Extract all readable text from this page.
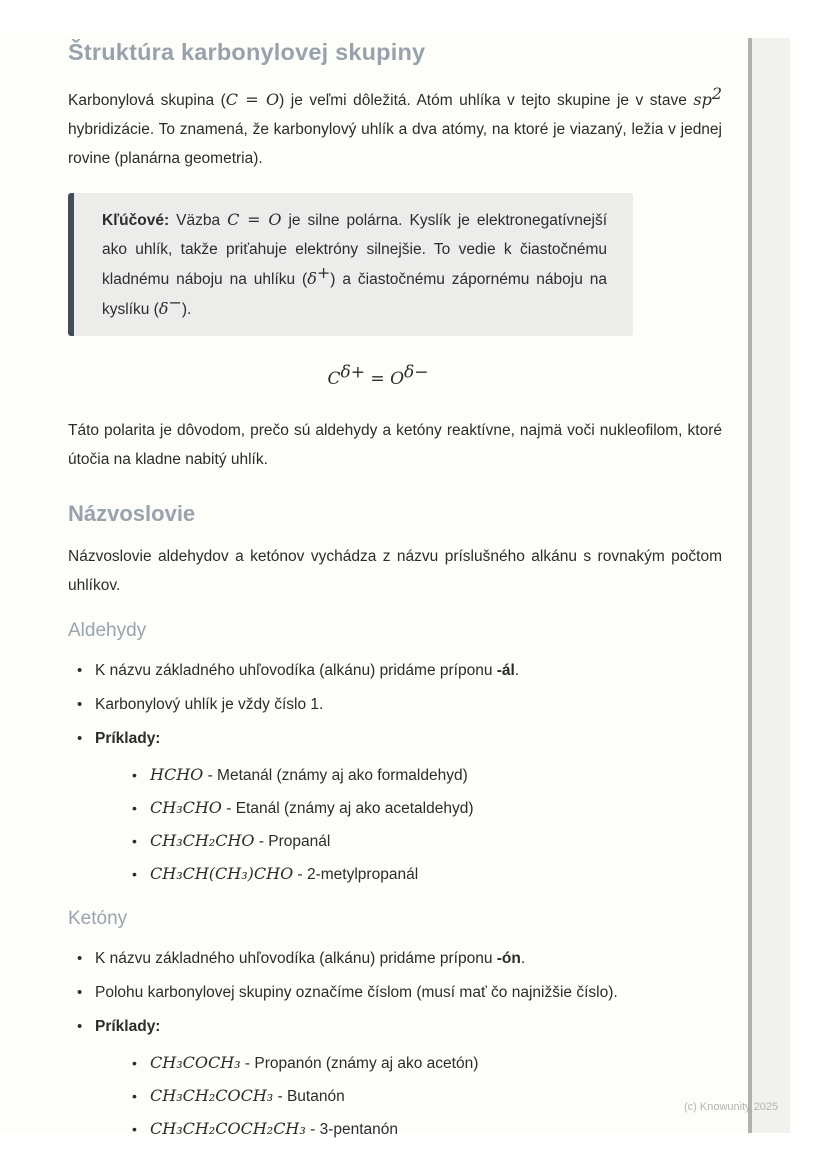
Štruktúra karbonylovej skupiny

Karbonylová skupina (C = O) je veľmi dôležitá. Atóm uhlíka v tejto skupine je v stave $sp^2$ hybridizácie. To znamená, že karbonylový uhlík a dva atómy, na ktoré je viazaný, ležia v jednej rovine (planárna geometria).

Kľúčové: Väzba C = O je silne polárna. Kyslík je elektronegatívnejší ako uhlík, takže priťahuje elektróny silnejšie. To vedie k čiastočnému kladnému náboju na uhlíku (δ+) a čiastočnému zápornému náboju na kyslíku (δ−).

$C^{\delta+} = O^{\delta-}$

Táto polarita je dôvodom, prečo sú aldehydy a ketóny reaktívne, najmä voči nukleofilom, ktoré útočia na kladne nabitý uhlík.

Názvoslovie

Názvoslovie aldehydov a ketónov vychádza z názvu príslušného alkánu s rovnakým počtom uhlíkov.

Aldehydy
• K názvu základného uhľovodíka (alkánu) pridáme príponu -ál.
• Karbonylový uhlík je vždy číslo 1.
• Príklady:
• HCHO - Metanál (známy aj ako formaldehyd)
• CH₃CHO - Etanál (známy aj ako acetaldehyd)
• CH₃CH₂CHO - Propanál
• CH₃CH(CH₃)CHO - 2-metylpropanál
Ketóny
• K názvu základného uhľovodíka (alkánu) pridáme príponu -ón.
• Polohu karbonylovej skupiny označíme číslom (musí mať čo najnižšie číslo).
• Príklady:
• CH₃COCH₃ - Propanón (známy aj ako acetón)
• CH₃CH₂COCH₃ - Butanón
• CH₃CH₂COCH₂CH₃ - 3-pentanón
(c) Knowunity 2025
